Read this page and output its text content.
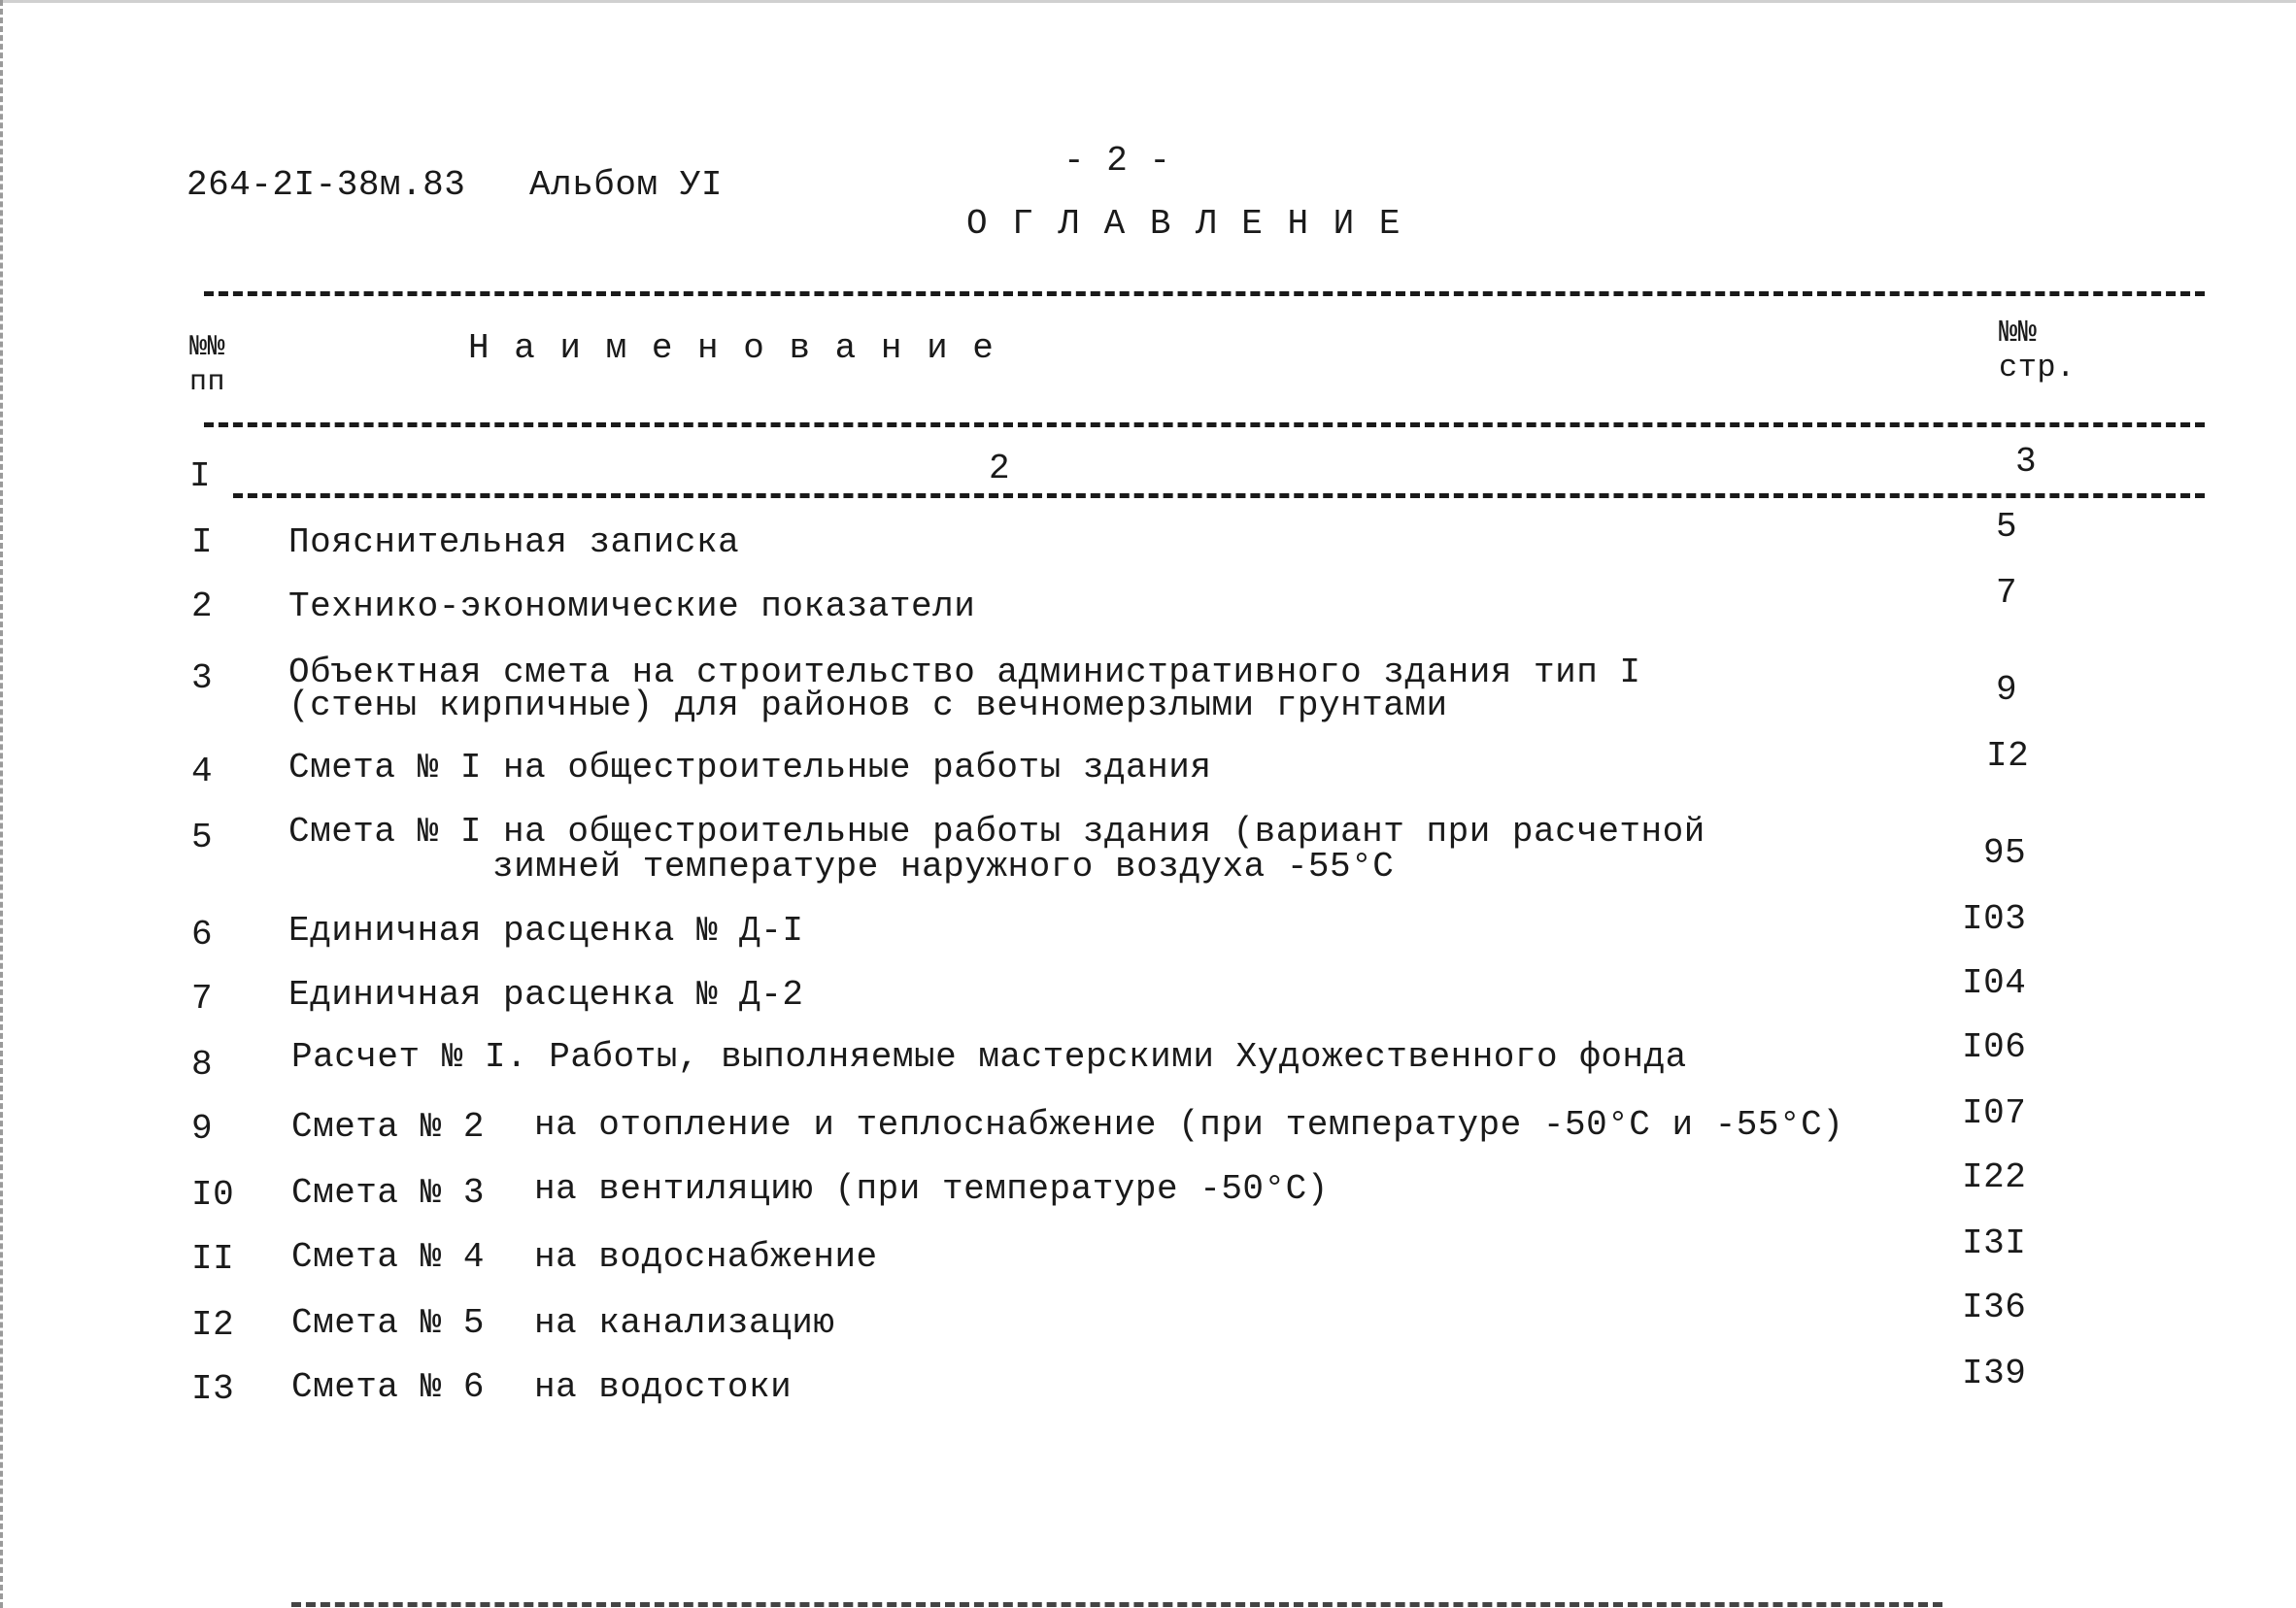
264-2I-38м.83 Альбом УI
- 2 -
О Г Л А В Л Е Н И Е
№№
пп
Н а и м е н о в а н и е	№№
стр.
I	2	3
I Пояснительная записка	5
2 Технико-экономические показатели	7
3 Объектная смета на строительство административного здания тип I
(стены кирпичные) для районов с вечномерзлыми грунтами	9
4 Смета № I на общестроительные работы здания	I2
5 Смета № I на общестроительные работы здания (вариант при расчетной
зимней температуре наружного воздуха -55°С	95
6 Единичная расценка № Д-I	I03
7 Единичная расценка № Д-2	I04
8 Расчет № I. Работы, выполняемые мастерскими Художественного фонда	I06
9 Смета № 2 на отопление и теплоснабжение (при температуре -50°С и -55°С)	I07
I0 Смета № 3 на вентиляцию (при температуре -50°С)	I22
II Смета № 4 на водоснабжение	I3I
I2 Смета № 5 на канализацию	I36
I3 Смета № 6 на водостоки	I39
